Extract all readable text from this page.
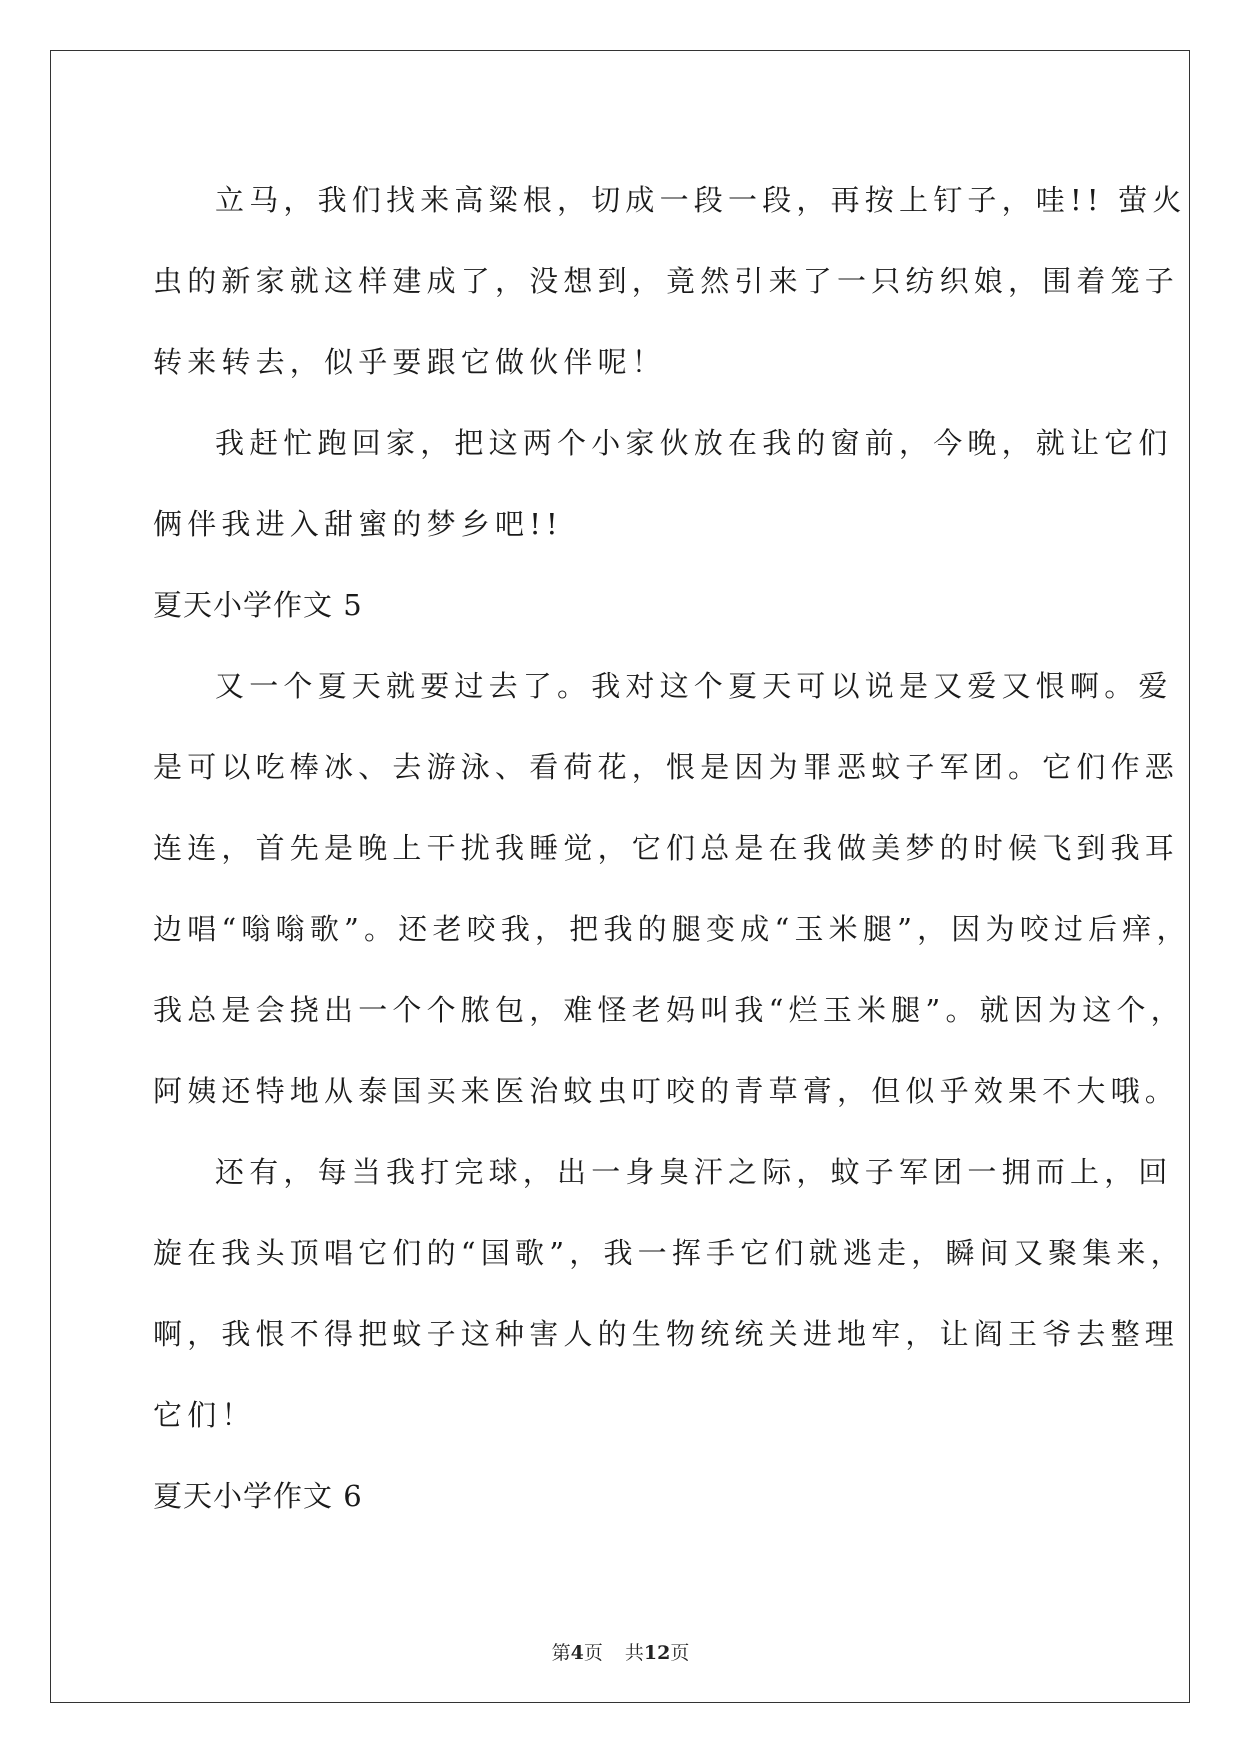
立马，我们找来高粱根，切成一段一段，再按上钉子，哇!! 萤火
虫的新家就这样建成了，没想到，竟然引来了一只纺织娘，围着笼子
转来转去，似乎要跟它做伙伴呢！

我赶忙跑回家，把这两个小家伙放在我的窗前，今晚，就让它们
俩伴我进入甜蜜的梦乡吧!!

夏天小学作文 5

又一个夏天就要过去了。我对这个夏天可以说是又爱又恨啊。爱
是可以吃棒冰、去游泳、看荷花，恨是因为罪恶蚊子军团。它们作恶
连连，首先是晚上干扰我睡觉，它们总是在我做美梦的时候飞到我耳
边唱“嗡嗡歌”。还老咬我，把我的腿变成“玉米腿”，因为咬过后痒，
我总是会挠出一个个脓包，难怪老妈叫我“烂玉米腿”。就因为这个，
阿姨还特地从泰国买来医治蚊虫叮咬的青草膏，但似乎效果不大哦。

还有，每当我打完球，出一身臭汗之际，蚊子军团一拥而上，回
旋在我头顶唱它们的“国歌”，我一挥手它们就逃走，瞬间又聚集来，
啊，我恨不得把蚊子这种害人的生物统统关进地牢，让阎王爷去整理
它们！

夏天小学作文 6
第4页 共12页
